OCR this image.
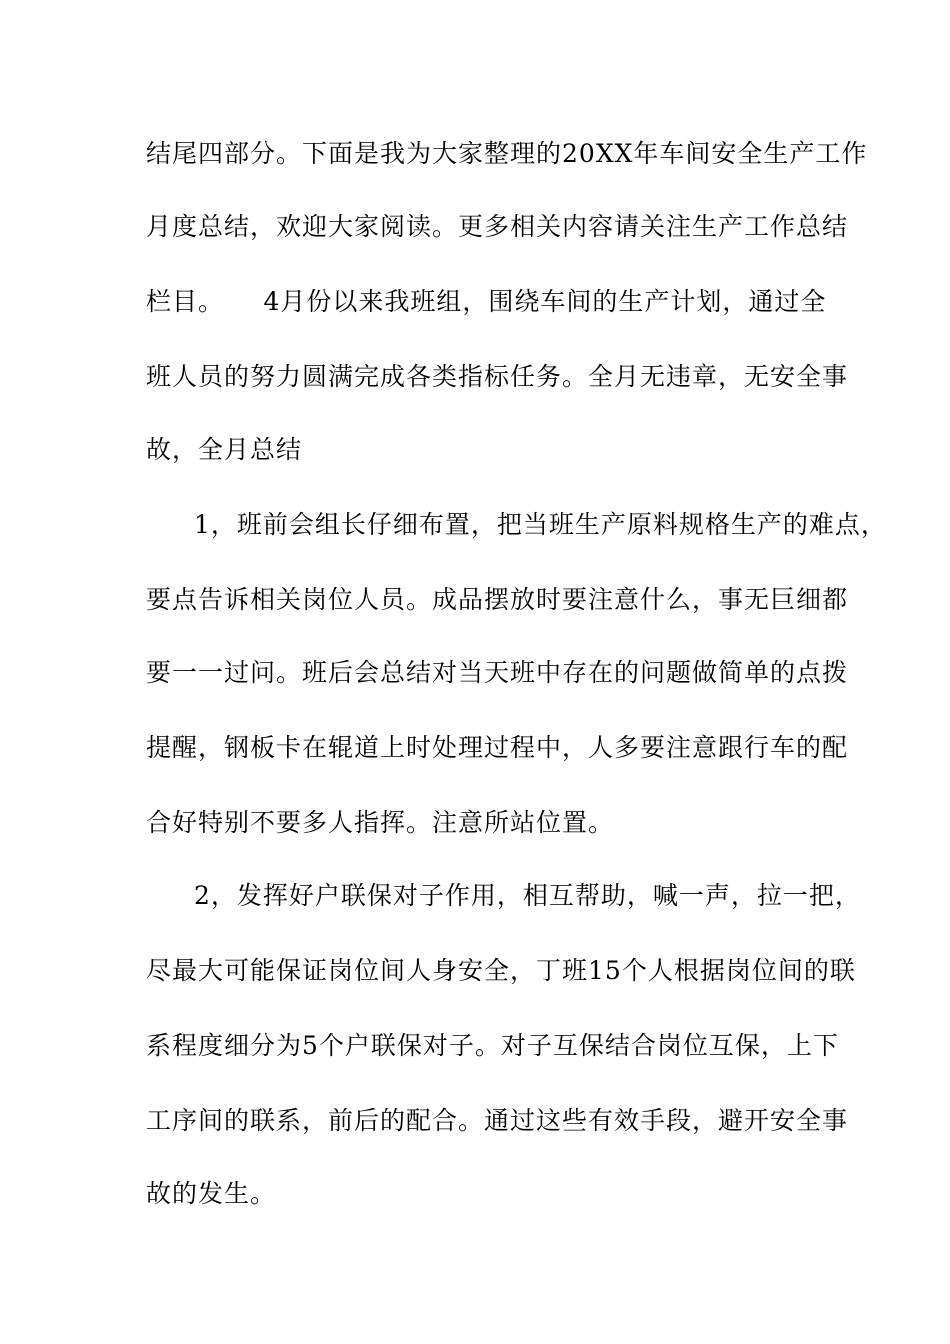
结尾四部分。下面是我为大家整理的20XX年车间安全生产工作
月度总结，欢迎大家阅读。更多相关内容请关注生产工作总结
栏目。　　4月份以来我班组，围绕车间的生产计划，通过全
班人员的努力圆满完成各类指标任务。全月无违章，无安全事
故，全月总结
1，班前会组长仔细布置，把当班生产原料规格生产的难点，
要点告诉相关岗位人员。成品摆放时要注意什么，事无巨细都
要一一过问。班后会总结对当天班中存在的问题做简单的点拨
提醒，钢板卡在辊道上时处理过程中，人多要注意跟行车的配
合好特别不要多人指挥。注意所站位置。
2，发挥好户联保对子作用，相互帮助，喊一声，拉一把，
尽最大可能保证岗位间人身安全，丁班15个人根据岗位间的联
系程度细分为5个户联保对子。对子互保结合岗位互保，上下
工序间的联系，前后的配合。通过这些有效手段，避开安全事
故的发生。
